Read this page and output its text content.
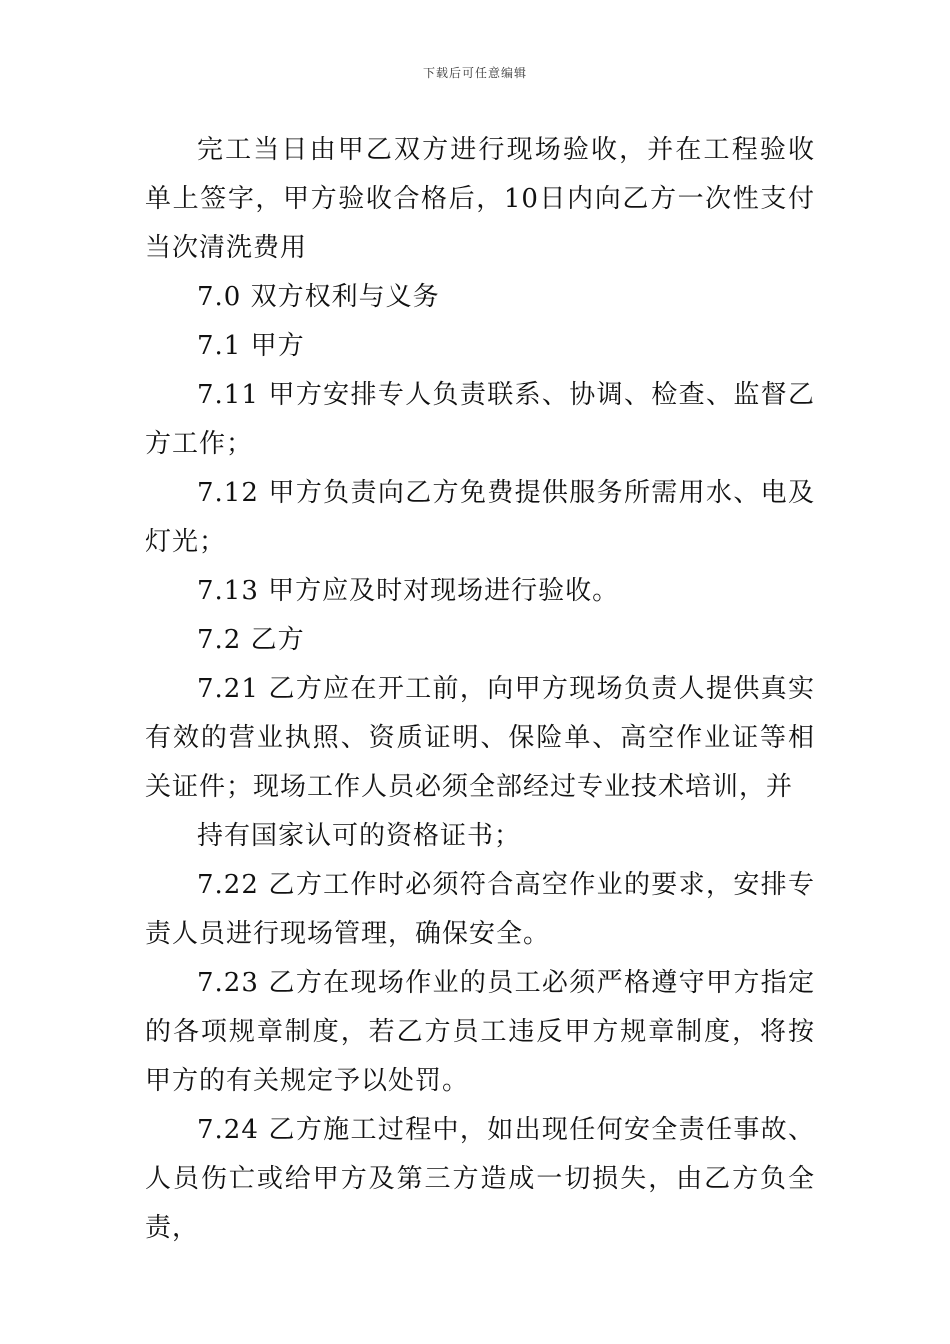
下载后可任意编辑

完工当日由甲乙双方进行现场验收，并在工程验收单上签字，甲方验收合格后，10日内向乙方一次性支付当次清洗费用

7.0 双方权利与义务

7.1 甲方

7.11 甲方安排专人负责联系、协调、检查、监督乙方工作；

7.12 甲方负责向乙方免费提供服务所需用水、电及灯光；

7.13 甲方应及时对现场进行验收。

7.2 乙方

7.21 乙方应在开工前，向甲方现场负责人提供真实有效的营业执照、资质证明、保险单、高空作业证等相关证件；现场工作人员必须全部经过专业技术培训，并

持有国家认可的资格证书；

7.22 乙方工作时必须符合高空作业的要求，安排专责人员进行现场管理，确保安全。

7.23 乙方在现场作业的员工必须严格遵守甲方指定的各项规章制度，若乙方员工违反甲方规章制度，将按甲方的有关规定予以处罚。

7.24 乙方施工过程中，如出现任何安全责任事故、人员伤亡或给甲方及第三方造成一切损失，由乙方负全责，
